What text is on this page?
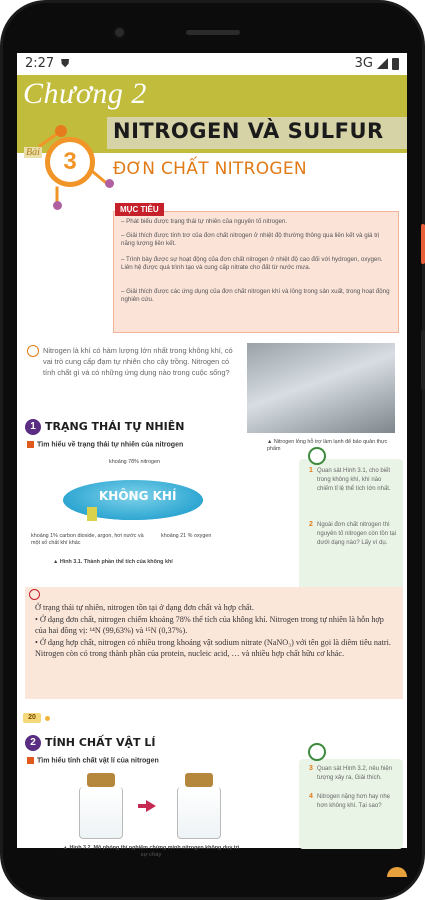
2:27 ⛊	3G
Chương 2
NITROGEN VÀ SULFUR
3
Bài
ĐƠN CHẤT NITROGEN
MỤC TIÊU
– Phát biểu được trạng thái tự nhiên của nguyên tố nitrogen.
– Giải thích được tính trơ của đơn chất nitrogen ở nhiệt độ thường thông qua liên kết và giá trị năng lượng liên kết.
– Trình bày được sự hoạt động của đơn chất nitrogen ở nhiệt độ cao đối với hydrogen, oxygen. Liên hệ được quá trình tạo và cung cấp nitrate cho đất từ nước mưa.
– Giải thích được các ứng dụng của đơn chất nitrogen khí và lỏng trong sản xuất, trong hoạt động nghiên cứu.
Nitrogen là khí có hàm lượng lớn nhất trong không khí, có vai trò cung cấp đạm tự nhiên cho cây trồng. Nitrogen có tính chất gì và có những ứng dụng nào trong cuộc sống?
▲ Nitrogen lỏng hỗ trợ làm lạnh để bảo quản thực phẩm
1 TRẠNG THÁI TỰ NHIÊN
Tìm hiểu về trạng thái tự nhiên của nitrogen
khoảng 78% nitrogen
KHÔNG KHÍ
khoảng 1% carbon dioxide, argon, hơi nước và một số chất khí khác
khoảng 21 % oxygen
▲ Hình 3.1. Thành phần thể tích của không khí
1 Quan sát Hình 3.1, cho biết trong không khí, khí nào chiếm tỉ lệ thể tích lớn nhất.
2 Ngoài đơn chất nitrogen thì nguyên tố nitrogen còn tồn tại dưới dạng nào? Lấy ví dụ.
Ở trạng thái tự nhiên, nitrogen tồn tại ở dạng đơn chất và hợp chất.
• Ở dạng đơn chất, nitrogen chiếm khoảng 78% thể tích của không khí. Nitrogen trong tự nhiên là hỗn hợp của hai đồng vị: ¹⁴N (99,63%) và ¹⁵N (0,37%).
• Ở dạng hợp chất, nitrogen có nhiều trong khoáng vật sodium nitrate (NaNO₃) với tên gọi là diêm tiêu natri. Nitrogen còn có trong thành phần của protein, nucleic acid, … và nhiều hợp chất hữu cơ khác.
20
2 TÍNH CHẤT VẬT LÍ
Tìm hiểu tính chất vật lí của nitrogen
▲ Hình 3.2. Mô phỏng thí nghiệm chứng minh nitrogen không duy trì sự cháy
3 Quan sát Hình 3.2, nêu hiện tượng xảy ra, Giải thích.
4 Nitrogen nặng hơn hay nhẹ hơn không khí. Tại sao?
